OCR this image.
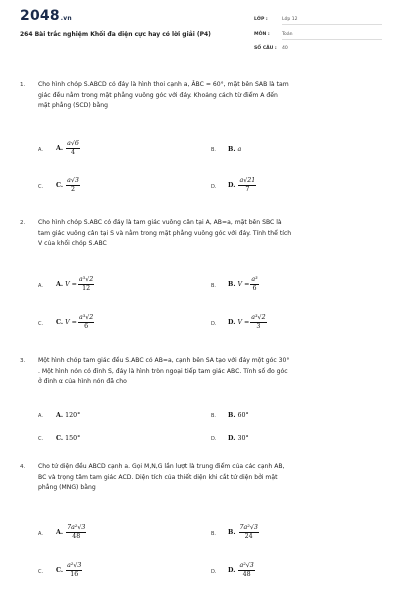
2048.vn
264 Bài trắc nghiệm Khối đa diện cực hay có lời giải (P4)
LỚP :	Lớp 12
MÔN :	Toán
SỐ CÂU : 40
1. Cho hình chóp S.ABCD có đáy là hình thoi cạnh a, ÂBC = 60°, mặt bên SAB là tam
giác đều nằm trong mặt phẳng vuông góc với đáy. Khoảng cách từ điểm A đến
mặt phẳng (SCD) bằng
A. A. $\frac{a√6}{4}$	B. B. a
C. C. $\frac{a√3}{2}$	D. D. $\frac{a√21}{7}$
2. Cho hình chóp S.ABC có đáy là tam giác vuông cân tại A, AB=a, mặt bên SBC là
tam giác vuông cân tại S và nằm trong mặt phẳng vuông góc với đáy. Tính thể tích
V của khối chóp S.ABC
A. A. $V = \frac{\text{a³√2}}{12}$	B. B. $V = \frac{\text{a³}}{6}$
C. C. $V = \frac{\text{a³√2}}{6}$	D. D. $V = \frac{\text{a³√2}}{3}$
3. Một hình chóp tam giác đều S.ABC có AB=a, cạnh bên SA tạo với đáy một góc 30°
. Một hình nón có đỉnh S, đáy là hình tròn ngoại tiếp tam giác ABC. Tính số đo góc
ở đỉnh α của hình nón đã cho
A. A. 120°	B. B. 60°
C. C. 150°	D. D. 30°
4. Cho tứ diện đều ABCD cạnh a. Gọi M,N,G lần lượt là trung điểm của các cạnh AB,
BC và trọng tâm tam giác ACD. Diện tích của thiết diện khi cắt tứ diện bởi mặt
phẳng (MNG) bằng
A. A. $\frac{\text{7a²√3}}{48}$	B. B. $\frac{\text{7a²√3}}{24}$
C. C. $\frac{\text{a²√3}}{16}$	D. D. $\frac{\text{a²√3}}{48}$
